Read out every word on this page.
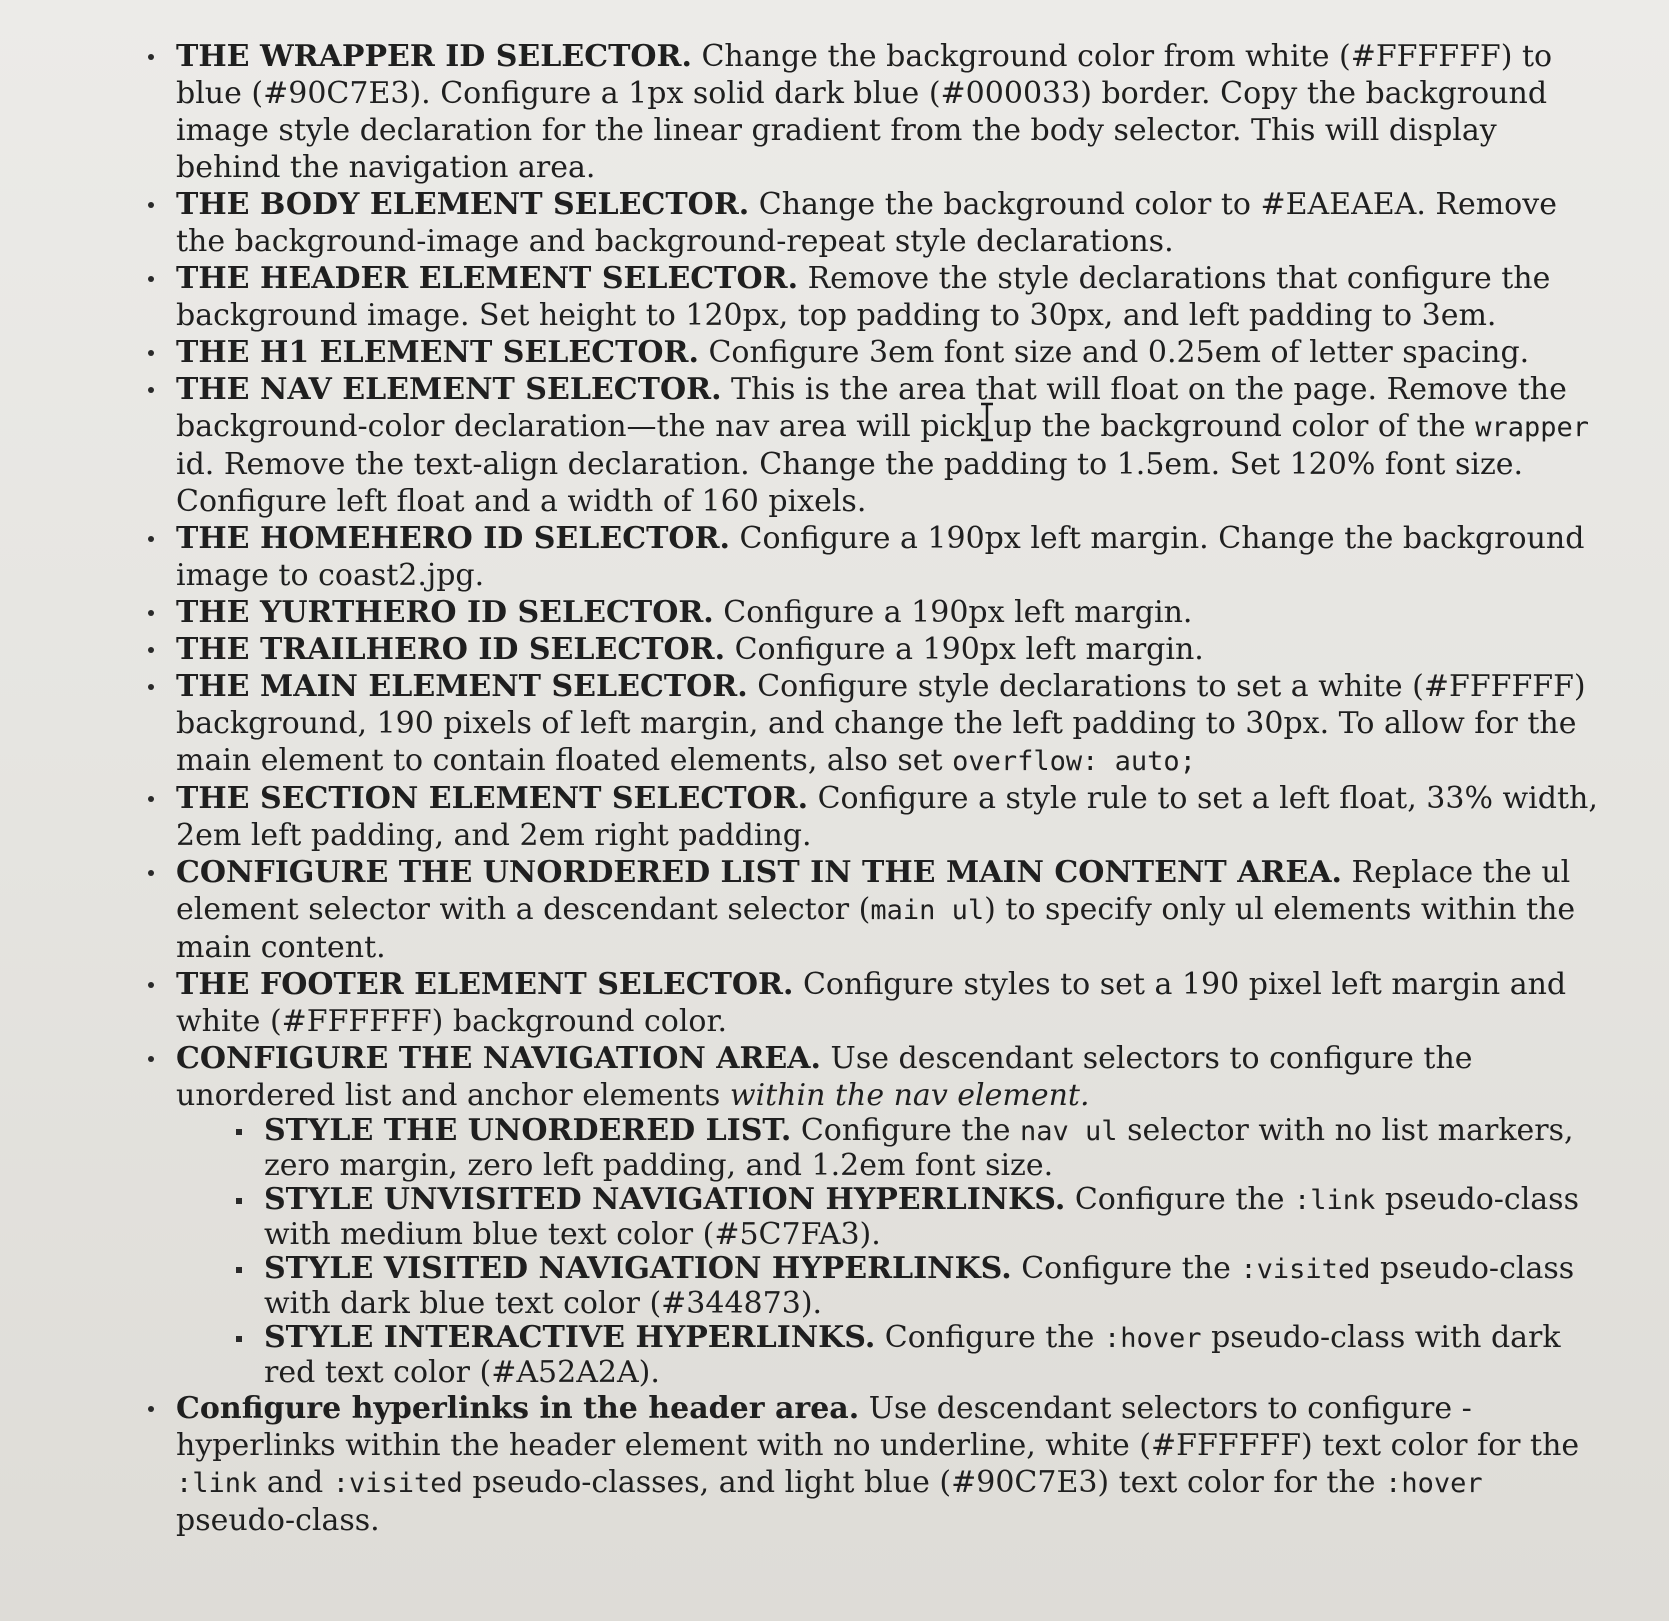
THE WRAPPER ID SELECTOR. Change the background color from white (#FFFFFF) to blue (#90C7E3). Configure a 1px solid dark blue (#000033) border. Copy the background image style declaration for the linear gradient from the body selector. This will display behind the navigation area.
THE BODY ELEMENT SELECTOR. Change the background color to #EAEAEA. Remove the background-image and background-repeat style declarations.
THE HEADER ELEMENT SELECTOR. Remove the style declarations that configure the background image. Set height to 120px, top padding to 30px, and left padding to 3em.
THE H1 ELEMENT SELECTOR. Configure 3em font size and 0.25em of letter spacing.
THE NAV ELEMENT SELECTOR. This is the area that will float on the page. Remove the background-color declaration—the nav area will pick up the background color of the wrapper id. Remove the text-align declaration. Change the padding to 1.5em. Set 120% font size. Configure left float and a width of 160 pixels.
THE HOMEHERO ID SELECTOR. Configure a 190px left margin. Change the background image to coast2.jpg.
THE YURTHERO ID SELECTOR. Configure a 190px left margin.
THE TRAILHERO ID SELECTOR. Configure a 190px left margin.
THE MAIN ELEMENT SELECTOR. Configure style declarations to set a white (#FFFFFF) background, 190 pixels of left margin, and change the left padding to 30px. To allow for the main element to contain floated elements, also set overflow: auto;
THE SECTION ELEMENT SELECTOR. Configure a style rule to set a left float, 33% width, 2em left padding, and 2em right padding.
CONFIGURE THE UNORDERED LIST IN THE MAIN CONTENT AREA. Replace the ul element selector with a descendant selector (main ul) to specify only ul elements within the main content.
THE FOOTER ELEMENT SELECTOR. Configure styles to set a 190 pixel left margin and white (#FFFFFF) background color.
CONFIGURE THE NAVIGATION AREA. Use descendant selectors to configure the unordered list and anchor elements within the nav element.
STYLE THE UNORDERED LIST. Configure the nav ul selector with no list markers, zero margin, zero left padding, and 1.2em font size.
STYLE UNVISITED NAVIGATION HYPERLINKS. Configure the :link pseudo-class with medium blue text color (#5C7FA3).
STYLE VISITED NAVIGATION HYPERLINKS. Configure the :visited pseudo-class with dark blue text color (#344873).
STYLE INTERACTIVE HYPERLINKS. Configure the :hover pseudo-class with dark red text color (#A52A2A).
Configure hyperlinks in the header area. Use descendant selectors to configure - hyperlinks within the header element with no underline, white (#FFFFFF) text color for the :link and :visited pseudo-classes, and light blue (#90C7E3) text color for the :hover pseudo-class.
